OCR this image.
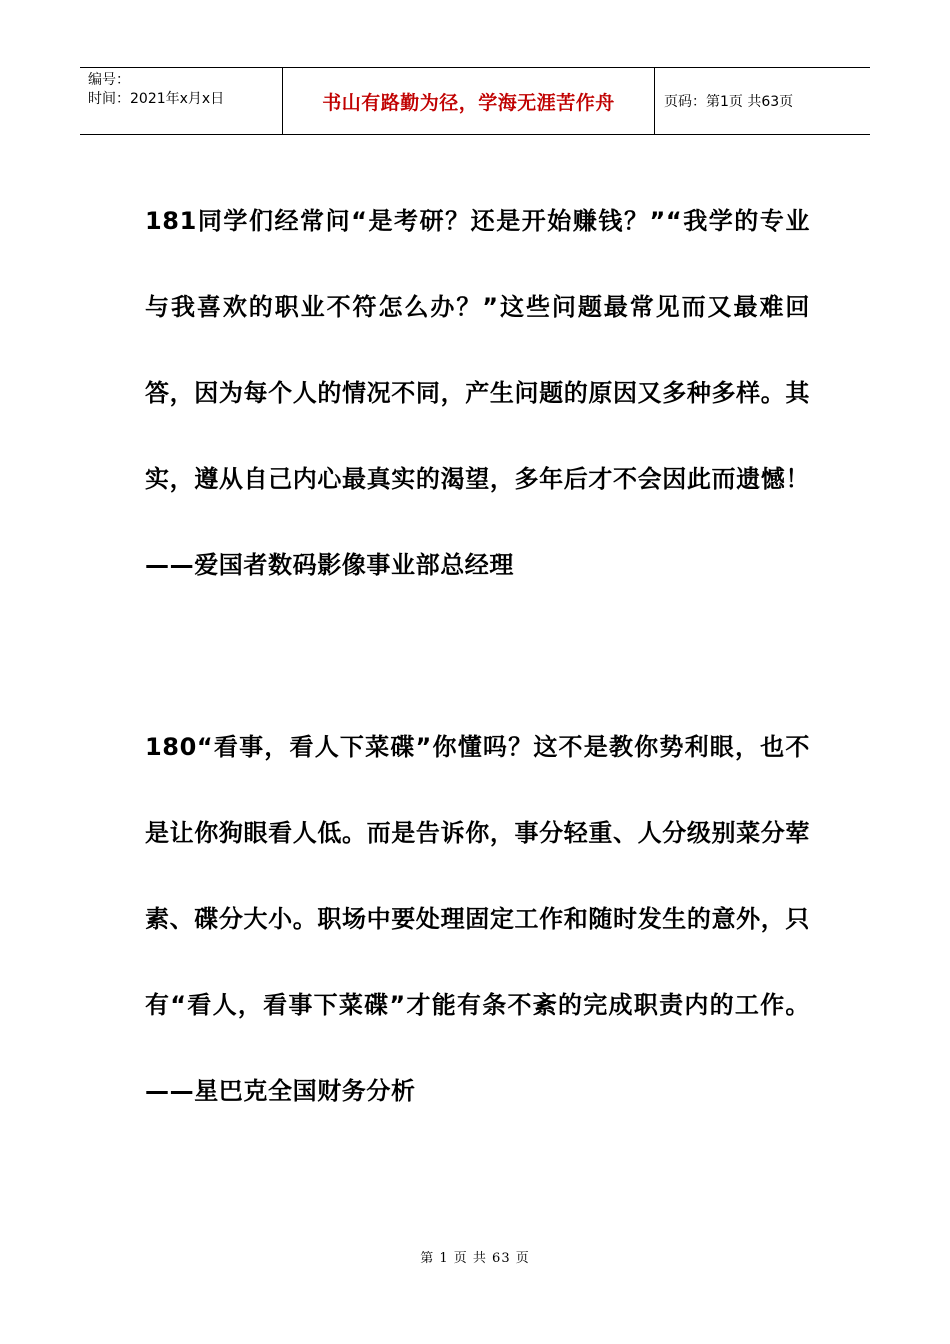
编号：
时间：2021年x月x日	书山有路勤为径，学海无涯苦作舟	页码：第1页 共63页

181同学们经常问“是考研？还是开始赚钱？”“我学的专业与我喜欢的职业不符怎么办？”这些问题最常见而又最难回答，因为每个人的情况不同，产生问题的原因又多种多样。其实，遵从自己内心最真实的渴望，多年后才不会因此而遗憾！——爱国者数码影像事业部总经理

180“看事，看人下菜碟”你懂吗？这不是教你势利眼，也不是让你狗眼看人低。而是告诉你，事分轻重、人分级别菜分荤素、碟分大小。职场中要处理固定工作和随时发生的意外，只有“看人，看事下菜碟”才能有条不紊的完成职责内的工作。——星巴克全国财务分析

第 1 页 共 63 页
